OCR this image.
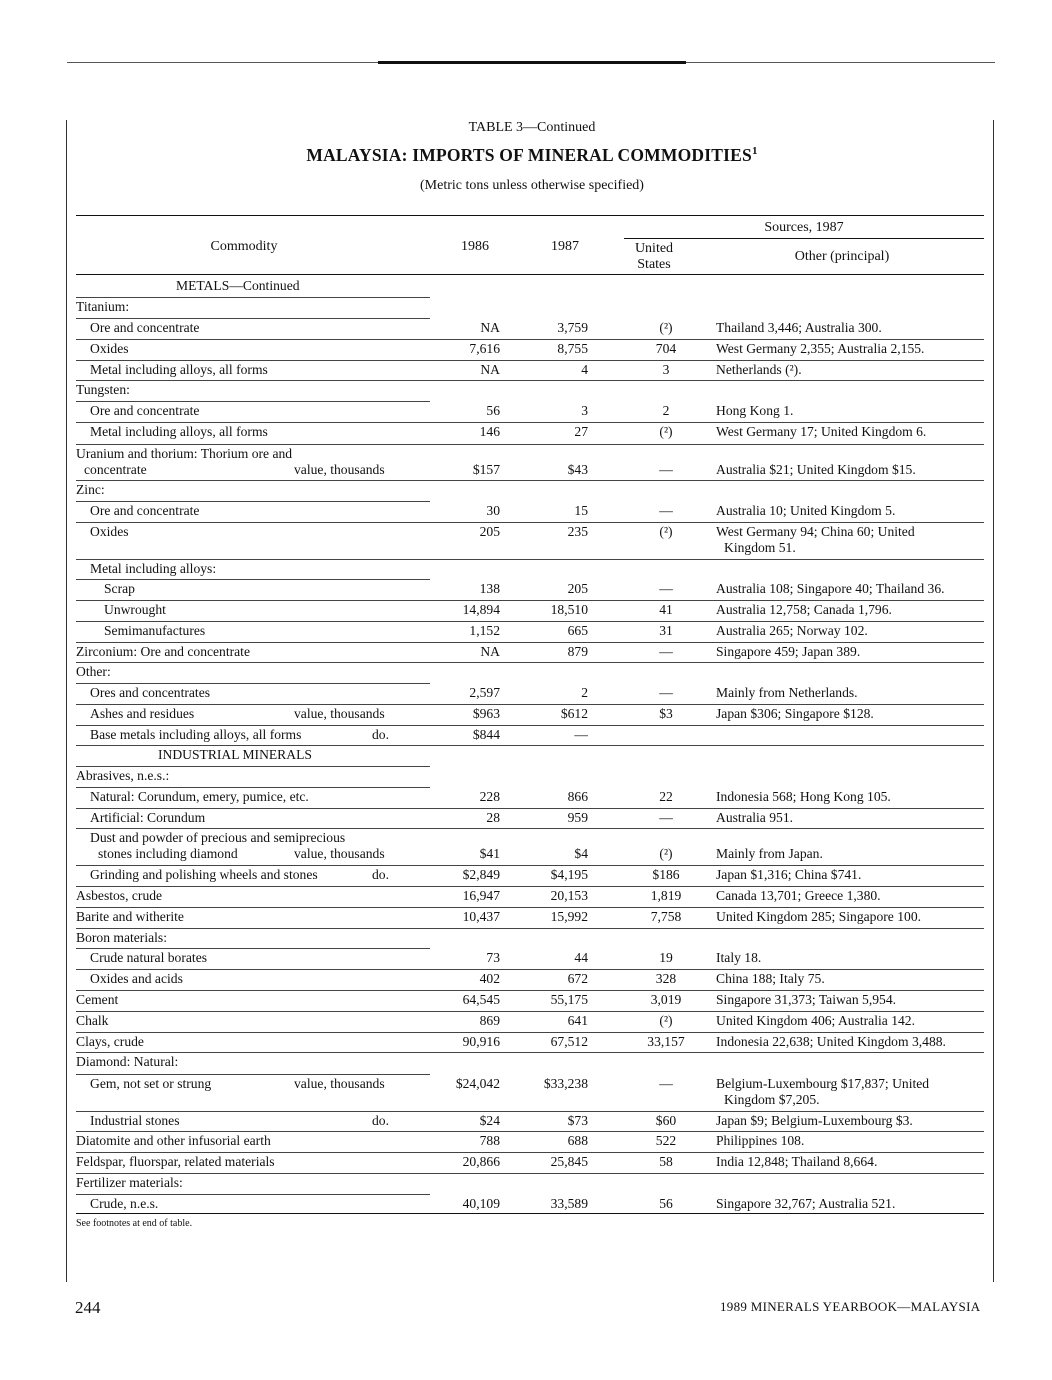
TABLE 3—Continued
MALAYSIA: IMPORTS OF MINERAL COMMODITIES$^1$
(Metric tons unless otherwise specified)
Commodity	1986	1987
Sources, 1987
United States
Other (principal)
METALS—Continued
Titanium:
Ore and concentrate	NA	3,759	(²)	Thailand 3,446; Australia 300.
Oxides	7,616	8,755	704	West Germany 2,355; Australia 2,155.
Metal including alloys, all forms	NA	4	3	Netherlands (²).
Tungsten:
Ore and concentrate	56	3	2	Hong Kong 1.
Metal including alloys, all forms	146	27	(²)	West Germany 17; United Kingdom 6.
Uranium and thorium: Thorium ore and
concentrate	value, thousands	$157	$43	—	Australia $21; United Kingdom $15.
Zinc:
Ore and concentrate	30	15	—	Australia 10; United Kingdom 5.
Oxides	205	235	(²)	West Germany 94; China 60; United
Kingdom 51.
Metal including alloys:
Scrap	138	205	—	Australia 108; Singapore 40; Thailand 36.
Unwrought	14,894	18,510	41	Australia 12,758; Canada 1,796.
Semimanufactures	1,152	665	31	Australia 265; Norway 102.
Zirconium: Ore and concentrate	NA	879	—	Singapore 459; Japan 389.
Other:
Ores and concentrates	2,597	2	—	Mainly from Netherlands.
Ashes and residues	value, thousands	$963	$612	$3	Japan $306; Singapore $128.
Base metals including alloys, all forms	do.	$844	—
INDUSTRIAL MINERALS
Abrasives, n.e.s.:
Natural: Corundum, emery, pumice, etc.	228	866	22	Indonesia 568; Hong Kong 105.
Artificial: Corundum	28	959	—	Australia 951.
Dust and powder of precious and semiprecious
stones including diamond	value, thousands	$41	$4	(²)	Mainly from Japan.
Grinding and polishing wheels and stones	do.	$2,849	$4,195	$186	Japan $1,316; China $741.
Asbestos, crude	16,947	20,153	1,819	Canada 13,701; Greece 1,380.
Barite and witherite	10,437	15,992	7,758	United Kingdom 285; Singapore 100.
Boron materials:
Crude natural borates	73	44	19	Italy 18.
Oxides and acids	402	672	328	China 188; Italy 75.
Cement	64,545	55,175	3,019	Singapore 31,373; Taiwan 5,954.
Chalk	869	641	(²)	United Kingdom 406; Australia 142.
Clays, crude	90,916	67,512	33,157	Indonesia 22,638; United Kingdom 3,488.
Diamond: Natural:
Gem, not set or strung	value, thousands	$24,042	$33,238	—	Belgium-Luxembourg $17,837; United
Kingdom $7,205.
Industrial stones	do.	$24	$73	$60	Japan $9; Belgium-Luxembourg $3.
Diatomite and other infusorial earth	788	688	522	Philippines 108.
Feldspar, fluorspar, related materials	20,866	25,845	58	India 12,848; Thailand 8,664.
Fertilizer materials:
Crude, n.e.s.	40,109	33,589	56	Singapore 32,767; Australia 521.
See footnotes at end of table.
244	1989 MINERALS YEARBOOK—MALAYSIA
